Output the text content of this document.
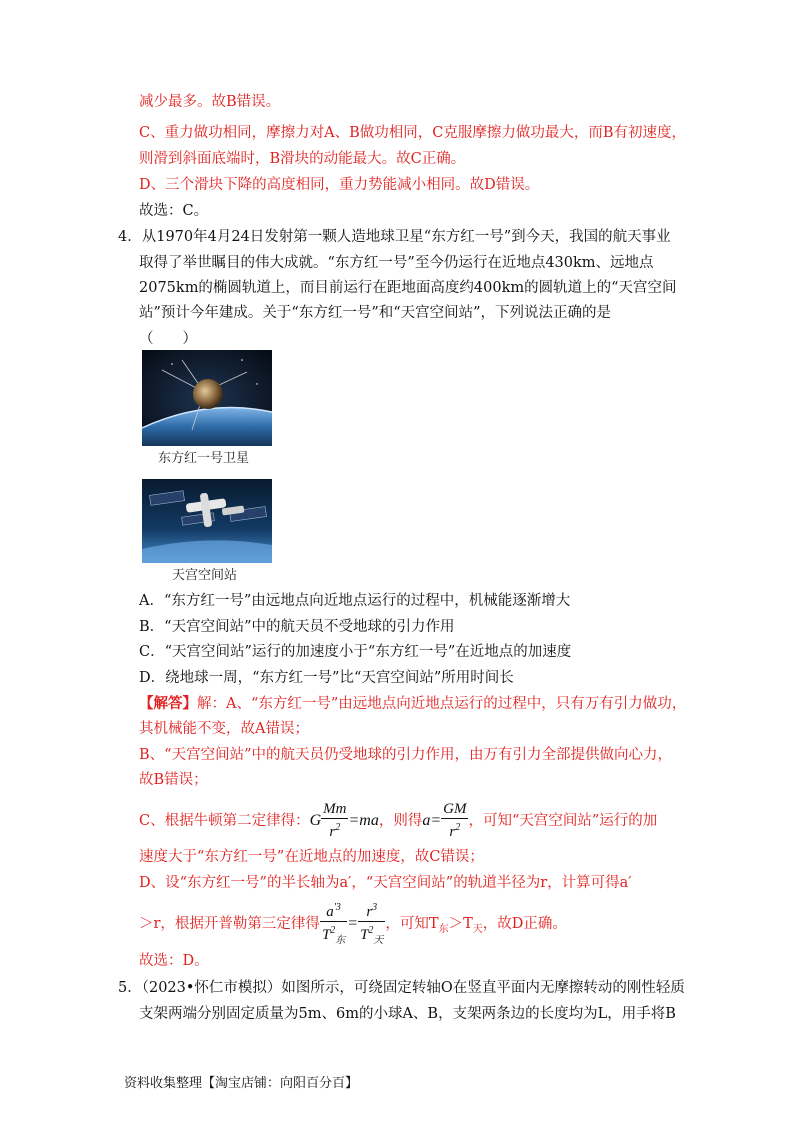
减少最多。故B错误。
C、重力做功相同，摩擦力对A、B做功相同，C克服摩擦力做功最大，而B有初速度，
则滑到斜面底端时，B滑块的动能最大。故C正确。
D、三个滑块下降的高度相同，重力势能减小相同。故D错误。
故选：C。
4．从1970年4月24日发射第一颗人造地球卫星“东方红一号”到今天，我国的航天事业
取得了举世瞩目的伟大成就。“东方红一号”至今仍运行在近地点430km、远地点
2075km的椭圆轨道上，而目前运行在距地面高度约400km的圆轨道上的“天宫空间
站”预计今年建成。关于“东方红一号”和“天宫空间站”，下列说法正确的是
（　　）
东方红一号卫星
天宫空间站
A．“东方红一号”由远地点向近地点运行的过程中，机械能逐渐增大
B．“天宫空间站”中的航天员不受地球的引力作用
C．“天宫空间站”运行的加速度小于“东方红一号”在近地点的加速度
D．绕地球一周，“东方红一号”比“天宫空间站”所用时间长
【解答】解：A、“东方红一号”由远地点向近地点运行的过程中，只有万有引力做功，
其机械能不变，故A错误；
B、“天宫空间站”中的航天员仍受地球的引力作用，由万有引力全部提供做向心力，
故B错误；
C、根据牛顿第二定律得：G $\frac{Mm}{r^2} =ma$，则得$a= \frac{GM}{r^2}$ ，可知“天宫空间站”运行的加
速度大于“东方红一号”在近地点的加速度，故C错误；
D、设“东方红一号”的半长轴为a′，“天宫空间站”的轨道半径为r，计算可得a′
＞r，根据开普勒第三定律得 $\frac{a^{'3}}{T^2_东} = \frac{r^3}{T^2_天}$ ，可知$T_东>T_天$，故D正确。
故选：D。
5．（2023•怀仁市模拟）如图所示，可绕固定转轴O在竖直平面内无摩擦转动的刚性轻质
支架两端分别固定质量为5m、6m的小球A、B，支架两条边的长度均为L，用手将B
资料收集整理【淘宝店铺：向阳百分百】
